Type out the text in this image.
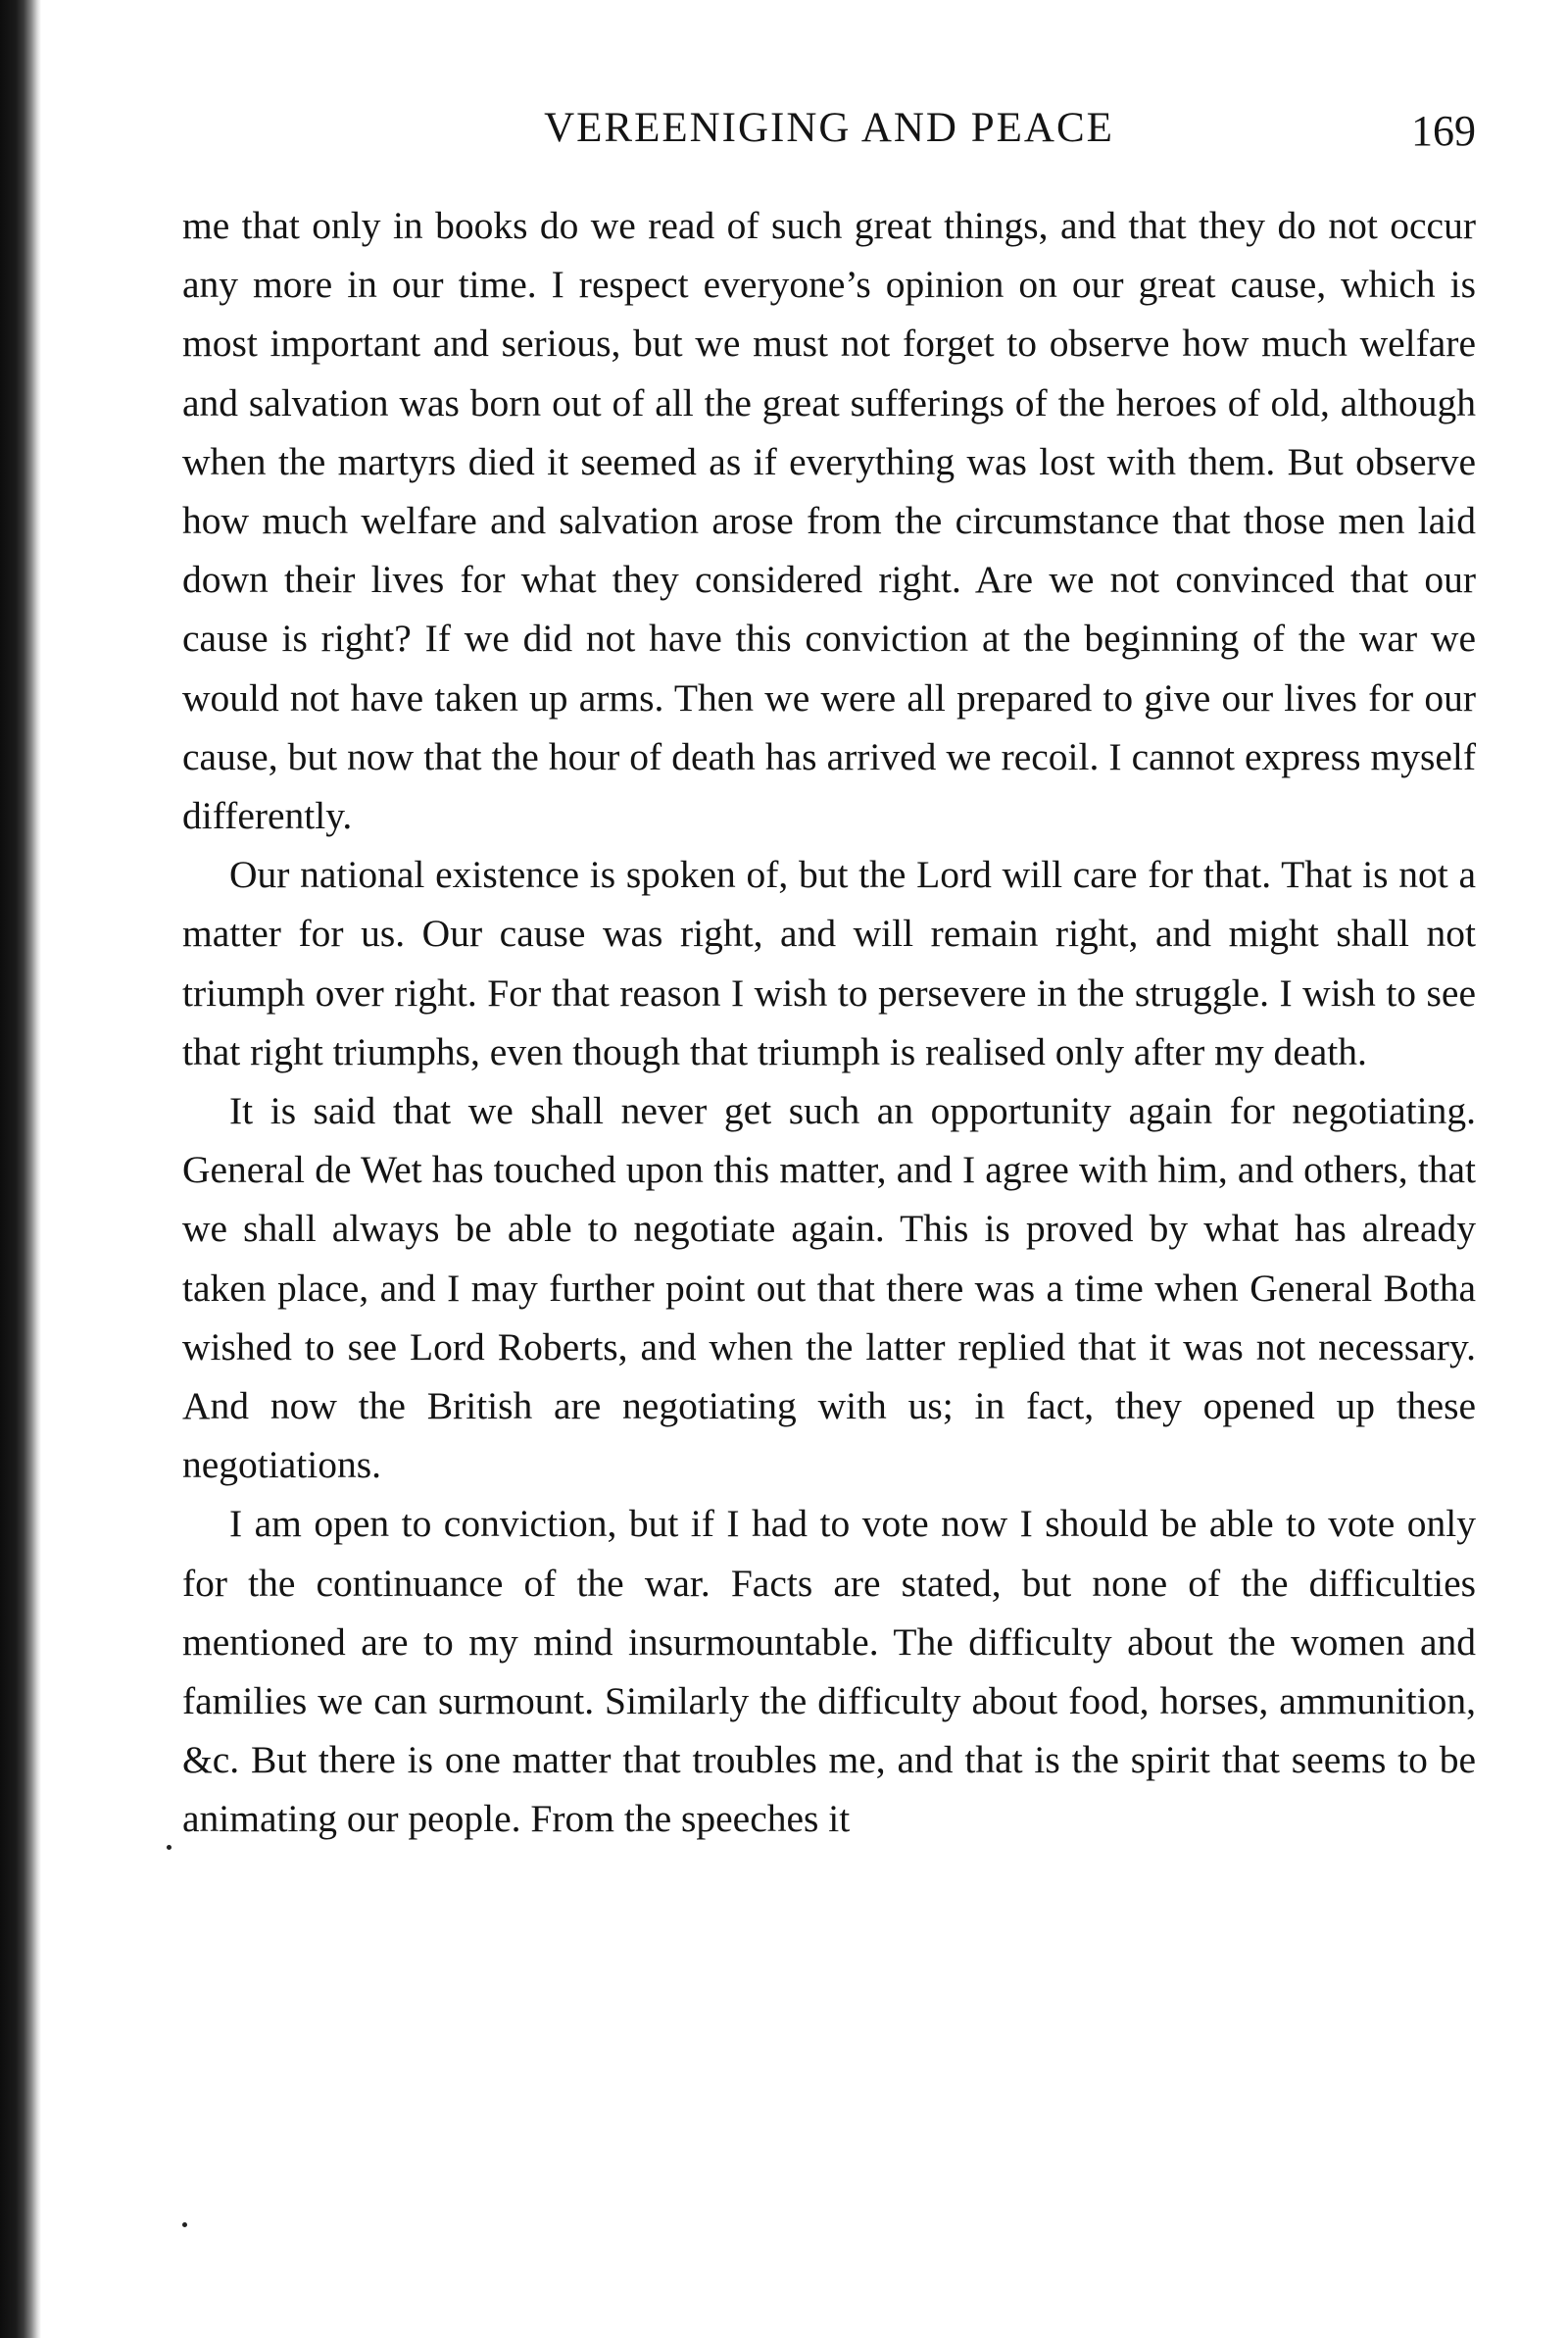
VEREENIGING AND PEACE	169

me that only in books do we read of such great things, and that they do not occur any more in our time. I respect everyone’s opinion on our great cause, which is most important and serious, but we must not forget to observe how much welfare and salvation was born out of all the great sufferings of the heroes of old, although when the martyrs died it seemed as if everything was lost with them. But observe how much welfare and salvation arose from the circumstance that those men laid down their lives for what they considered right. Are we not convinced that our cause is right? If we did not have this conviction at the beginning of the war we would not have taken up arms. Then we were all prepared to give our lives for our cause, but now that the hour of death has arrived we recoil. I cannot express myself differently.

Our national existence is spoken of, but the Lord will care for that. That is not a matter for us. Our cause was right, and will remain right, and might shall not triumph over right. For that reason I wish to persevere in the struggle. I wish to see that right triumphs, even though that triumph is realised only after my death.

It is said that we shall never get such an opportunity again for negotiating. General de Wet has touched upon this matter, and I agree with him, and others, that we shall always be able to negotiate again. This is proved by what has already taken place, and I may further point out that there was a time when General Botha wished to see Lord Roberts, and when the latter replied that it was not necessary. And now the British are negotiating with us; in fact, they opened up these negotiations.

I am open to conviction, but if I had to vote now I should be able to vote only for the continuance of the war. Facts are stated, but none of the difficulties mentioned are to my mind insurmountable. The difficulty about the women and families we can surmount. Similarly the difficulty about food, horses, ammunition, &c. But there is one matter that troubles me, and that is the spirit that seems to be animating our people. From the speeches it
